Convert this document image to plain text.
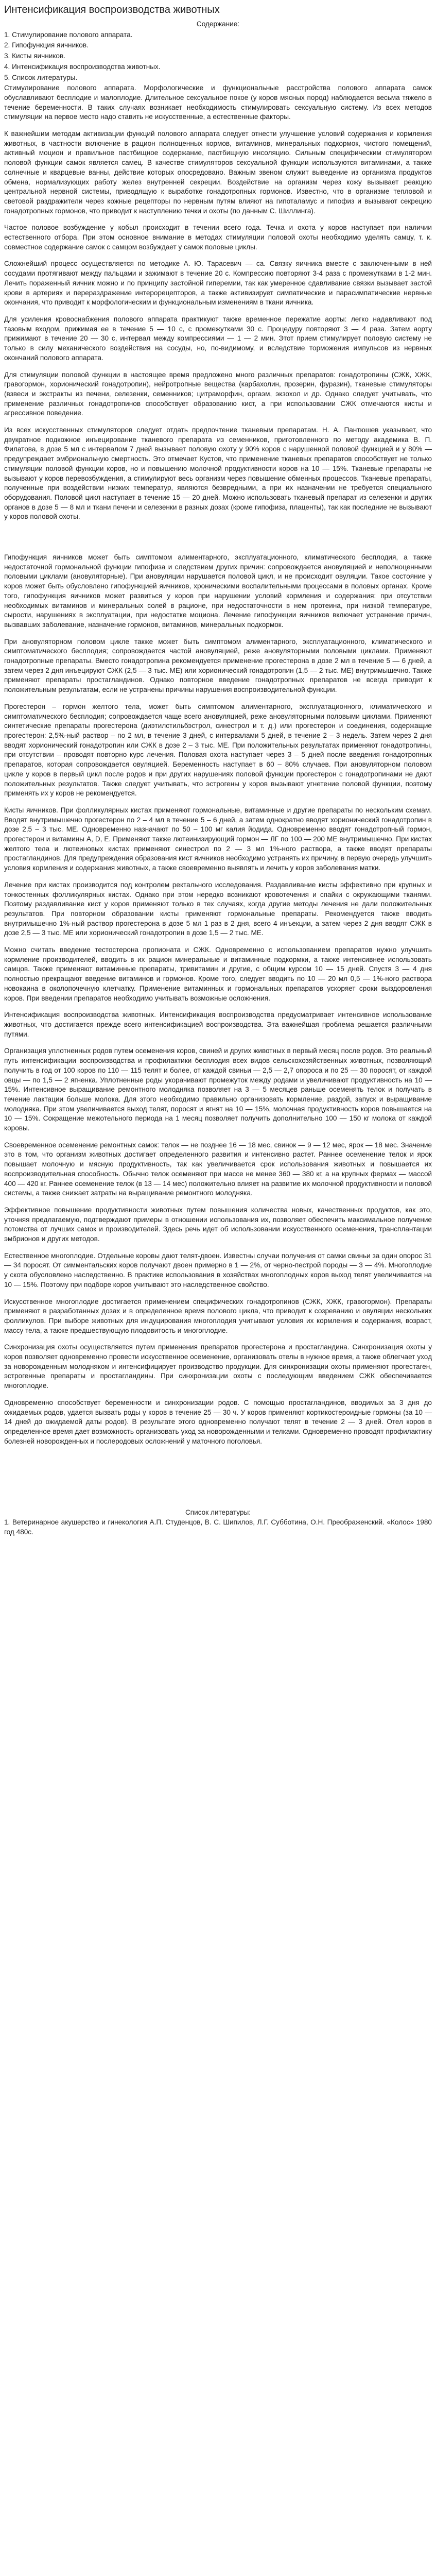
Интенсификация воспроизводства животных

Содержание:

1. Стимулирование полового аппарата.
2. Гипофункция яичников.
3. Кисты яичников.
4. Интенсификация воспроизводства животных.
5. Список литературы.

Стимулирование полового аппарата. Морфологические и функциональные расстройства полового аппарата самок обуславливают бесплодие и малоплодие. Длительное сексуальное покое (у коров мясных пород) наблюдается весьма тяжело в течение беременности. В таких случаях возникает необходимость стимулировать сексуальную систему. Из всех методов стимуляции на первое место надо ставить не искусственные, а естественные факторы.

К важнейшим методам активизации функций полового аппарата следует отнести улучшение условий содержания и кормления животных, в частности включение в рацион полноценных кормов, витаминов, минеральных подкормок, чистого помещений, активный моцион и правильное пастбищное содержание, пастбищную инсоляцию. Сильным специфическим стимулятором половой функции самок является самец. В качестве стимуляторов сексуальной функции используются витаминами, а также солнечные и кварцевые ванны, действие которых опосредовано. Важным звеном служит выведение из организма продуктов обмена, нормализующих работу желез внутренней секреции. Воздействие на организм через кожу вызывает реакцию центральной нервной системы, приводящую к выработке гонадотропных гормонов. Известно, что в организме тепловой и световой раздражители через кожные рецепторы по нервным путям влияют на гипоталамус и гипофиз и вызывают секрецию гонадотропных гормонов, что приводит к наступлению течки и охоты (по данным С. Шиллинга).

Частое половое возбуждение у кобыл происходит в течении всего года. Течка и охота у коров наступает при наличии естественного отбора. При этом основное внимание в методах стимуляции половой охоты необходимо уделять самцу, т. к. совместное содержание самок с самцом возбуждает у самок половые циклы.

Сложнейший процесс осуществляется по методике А. Ю. Тарасевич — са. Связку яичника вместе с заключенными в ней сосудами протягивают между пальцами и зажимают в течение 20 с. Компрессию повторяют 3-4 раза с промежутками в 1-2 мин. Лечить пораженный яичник можно и по принципу застойной гиперемии, так как умеренное сдавливание связки вызывает застой крови в артериях и перераздражение интерорецепторов, а также активизирует симпатические и парасимпатические нервные окончания, что приводит к морфологическим и функциональным изменениям в ткани яичника.

Для усиления кровоснабжения полового аппарата практикуют также временное пережатие аорты: легко надавливают под тазовым входом, прижимая ее в течение 5 — 10 с, с промежутками 30 с. Процедуру повторяют 3 — 4 раза. Затем аорту прижимают в течение 20 — 30 с, интервал между компрессиями — 1 — 2 мин. Этот прием стимулирует половую систему не только в силу механического воздействия на сосуды, но, по-видимому, и вследствие торможения импульсов из нервных окончаний полового аппарата.

Для стимуляции половой функции в настоящее время предложено много различных препаратов: гонадотропины (СЖК, ХЖК, гравогормон, хорионический гонадотропин), нейротропные вещества (карбахолин, прозерин, фуразин), тканевые стимуляторы (взвеси и экстракты из печени, селезенки, семенников; цитраморфин, оргаэм, экзохол и др. Однако следует учитывать, что применение различных гонадотропинов способствует образованию кист, а при использовании СЖК отмечаются кисты и агрессивное поведение.

Из всех искусственных стимуляторов следует отдать предпочтение тканевым препаратам. Н. А. Пантюшев указывает, что двукратное подкожное инъецирование тканевого препарата из семенников, приготовленного по методу академика В. П. Филатова, в дозе 5 мл с интервалом 7 дней вызывает половую охоту у 90% коров с нарушенной половой функцией и у 80% — предупреждает эмбриональную смертность. Это отмечает Кустов, что применение тканевых препаратов способствует не только стимуляции половой функции коров, но и повышению молочной продуктивности коров на 10 — 15%. Тканевые препараты не вызывают у коров перевозбуждения, а стимулируют весь организм через повышение обменных процессов. Тканевые препараты, полученные при воздействии низких температур, являются безвредными, а при их назначении не требуется специального оборудования. Половой цикл наступает в течение 15 — 20 дней. Можно использовать тканевый препарат из селезенки и других органов в дозе 5 — 8 мл и ткани печени и селезенки в разных дозах (кроме гипофиза, плаценты), так как последние не вызывают у коров половой охоты.

Гипофункция яичников может быть симптомом алиментарного, эксплуатационного, климатического бесплодия, а также недостаточной гормональной функции гипофиза и следствием других причин: сопровождается ановуляцией и неполноценными половыми циклами (ановуляторные). При ановуляции нарушается половой цикл, и не происходит овуляции. Такое состояние у коров может быть обусловлено гипофункцией яичников, хроническими воспалительными процессами в половых органах. Кроме того, гипофункция яичников может развиться у коров при нарушении условий кормления и содержания: при отсутствии необходимых витаминов и минеральных солей в рационе, при недостаточности в нем протеина, при низкой температуре, сырости, нарушениях в эксплуатации, при недостатке моциона. Лечение гипофункции яичников включает устранение причин, вызвавших заболевание, назначение гормонов, витаминов, минеральных подкормок.

При ановуляторном половом цикле также может быть симптомом алиментарного, эксплуатационного, климатического и симптоматического бесплодия; сопровождается частой ановуляцией, реже ановуляторными половыми циклами. Применяют гонадотропные препараты. Вместо гонадотропина рекомендуется применение прогестерона в дозе 2 мл в течение 5 — 6 дней, а затем через 2 дня инъецируют СЖК (2,5 — 3 тыс. ME) или хорионический гонадотропин (1,5 — 2 тыс. ME) внутримышечно. Также применяют препараты простагландинов. Однако повторное введение гонадотропных препаратов не всегда приводит к положительным результатам, если не устранены причины нарушения воспроизводительной функции.

Прогестерон – гормон желтого тела, может быть симптомом алиментарного, эксплуатационного, климатического и симптоматического бесплодия; сопровождается чаще всего ановуляцией, реже ановуляторными половыми циклами. Применяют синтетические препараты прогестерона (диэтилстильбэстрол, синестрол и т. д.) или прогестерон и соединения, содержащие прогестерон: 2,5%-ный раствор – по 2 мл, в течение 3 дней, с интервалами 5 дней, в течение 2 – 3 недель. Затем через 2 дня вводят хорионический гонадотропин или СЖК в дозе 2 – 3 тыс. ME. При положительных результатах применяют гонадотропины, при отсутствии – проводят повторно курс лечения. Половая охота наступает через 3 – 5 дней после введения гонадотропных препаратов, которая сопровождается овуляцией. Беременность наступает в 60 – 80% случаев. При ановуляторном половом цикле у коров в первый цикл после родов и при других нарушениях половой функции прогестерон с гонадотропинами не дают положительных результатов. Также следует учитывать, что эстрогены у коров вызывают угнетение половой функции, поэтому применять их у коров не рекомендуется.

Кисты яичников. При фолликулярных кистах применяют гормональные, витаминные и другие препараты по нескольким схемам. Вводят внутримышечно прогестерон по 2 – 4 мл в течение 5 – 6 дней, а затем однократно вводят хорионический гонадотропин в дозе 2,5 – 3 тыс. ME. Одновременно назначают по 50 – 100 мг калия йодида. Одновременно вводят гонадотропный гормон, прогестерон и витамины А, D, E. Применяют также лютеинизирующий гормон — ЛГ по 100 — 200 ME внутримышечно. При кистах желтого тела и лютеиновых кистах применяют синестрол по 2 — 3 мл 1%-ного раствора, а также вводят препараты простагландинов. Для предупреждения образования кист яичников необходимо устранять их причину, в первую очередь улучшить условия кормления и содержания животных, а также своевременно выявлять и лечить у коров заболевания матки.

Лечение при кистах производится под контролем ректального исследования. Раздавливание кисты эффективно при крупных и тонкостенных фолликулярных кистах. Однако при этом нередко возникают кровотечения и спайки с окружающими тканями. Поэтому раздавливание кист у коров применяют только в тех случаях, когда другие методы лечения не дали положительных результатов. При повторном образовании кисты применяют гормональные препараты. Рекомендуется также вводить внутримышечно 1%-ный раствор прогестерона в дозе 5 мл 1 раз в 2 дня, всего 4 инъекции, а затем через 2 дня вводят СЖК в дозе 2,5 — 3 тыс. ME или хорионический гонадотропин в дозе 1,5 — 2 тыс. ME.

Можно считать введение тестостерона пропионата и СЖК. Одновременно с использованием препаратов нужно улучшить кормление производителей, вводить в их рацион минеральные и витаминные подкормки, а также интенсивнее использовать самцов. Также применяют витаминные препараты, тривитамин и другие, с общим курсом 10 — 15 дней. Спустя 3 — 4 дня полностью прекращают введение витаминов и гормонов. Кроме того, следует вводить по 10 — 20 мл 0,5 — 1%-ного раствора новокаина в околопочечную клетчатку. Применение витаминных и гормональных препаратов ускоряет сроки выздоровления коров. При введении препаратов необходимо учитывать возможные осложнения.

Интенсификация воспроизводства животных. Интенсификация воспроизводства предусматривает интенсивное использование животных, что достигается прежде всего интенсификацией воспроизводства. Эта важнейшая проблема решается различными путями.

Организация уплотненных родов путем осеменения коров, свиней и других животных в первый месяц после родов. Это реальный путь интенсификации воспроизводства и профилактики бесплодия всех видов сельскохозяйственных животных, позволяющий получить в год от 100 коров по 110 — 115 телят и более, от каждой свиньи — 2,5 — 2,7 опороса и по 25 — 30 поросят, от каждой овцы — по 1,5 — 2 ягненка. Уплотненные роды укорачивают промежуток между родами и увеличивают продуктивность на 10 — 15%. Интенсивное выращивание ремонтного молодняка позволяет на 3 — 5 месяцев раньше осеменять телок и получать в течение лактации больше молока. Для этого необходимо правильно организовать кормление, раздой, запуск и выращивание молодняка. При этом увеличивается выход телят, поросят и ягнят на 10 — 15%, молочная продуктивность коров повышается на 10 — 15%. Сокращение межотельного периода на 1 месяц позволяет получить дополнительно 100 — 150 кг молока от каждой коровы.

Своевременное осеменение ремонтных самок: телок — не позднее 16 — 18 мес, свинок — 9 — 12 мес, ярок — 18 мес. Значение это в том, что организм животных достигает определенного развития и интенсивно растет. Раннее осеменение телок и ярок повышает молочную и мясную продуктивность, так как увеличивается срок использования животных и повышается их воспроизводительная способность. Обычно телок осеменяют при массе не менее 360 — 380 кг, а на крупных фермах — массой 400 — 420 кг. Раннее осеменение телок (в 13 — 14 мес) положительно влияет на развитие их молочной продуктивности и половой системы, а также снижает затраты на выращивание ремонтного молодняка.

Эффективное повышение продуктивности животных путем повышения количества новых, качественных продуктов, как это, уточняя предлагаемую, подтверждают примеры в отношении использования их, позволяет обеспечить максимальное получение потомства от лучших самок и производителей. Здесь речь идет об использовании искусственного осеменения, трансплантации эмбрионов и других методов.

Естественное многоплодие. Отдельные коровы дают телят-двоен. Известны случаи получения от самки свиньи за один опорос 31 — 34 поросят. От симментальских коров получают двоен примерно в 1 — 2%, от черно-пестрой породы — 3 — 4%. Многоплодие у скота обусловлено наследственно. В практике использования в хозяйствах многоплодных коров выход телят увеличивается на 10 — 15%. Поэтому при подборе коров учитывают это наследственное свойство.

Искусственное многоплодие достигается применением специфических гонадотропинов (СЖК, ХЖК, гравогормон). Препараты применяют в разработанных дозах и в определенное время полового цикла, что приводит к созреванию и овуляции нескольких фолликулов. При выборе животных для индуцирования многоплодия учитывают условия их кормления и содержания, возраст, массу тела, а также предшествующую плодовитость и многоплодие.

Синхронизация охоты осуществляется путем применения препаратов прогестерона и простагландина. Синхронизация охоты у коров позволяет одновременно провести искусственное осеменение, организовать отелы в нужное время, а также облегчает уход за новорожденным молодняком и интенсифицирует производство продукции. Для синхронизации охоты применяют прогестаген, эстрогенные препараты и простагландины. При синхронизации охоты с последующим введением СЖК обеспечивается многоплодие.

Одновременно способствует беременности и синхронизации родов. С помощью простагландинов, вводимых за 3 дня до ожидаемых родов, удается вызвать роды у коров в течение 25 — 30 ч. У коров применяют кортикостероидные гормоны (за 10 — 14 дней до ожидаемой даты родов). В результате этого одновременно получают телят в течение 2 — 3 дней. Отел коров в определенное время дает возможность организовать уход за новорожденными и телками. Одновременно проводят профилактику болезней новорожденных и послеродовых осложнений у маточного поголовья.

Список литературы:

1. Ветеринарное акушерство и гинекология А.П. Студенцов, В. С. Шипилов, Л.Г. Субботина, О.Н. Преображенский. «Колос» 1980 год 480с.
